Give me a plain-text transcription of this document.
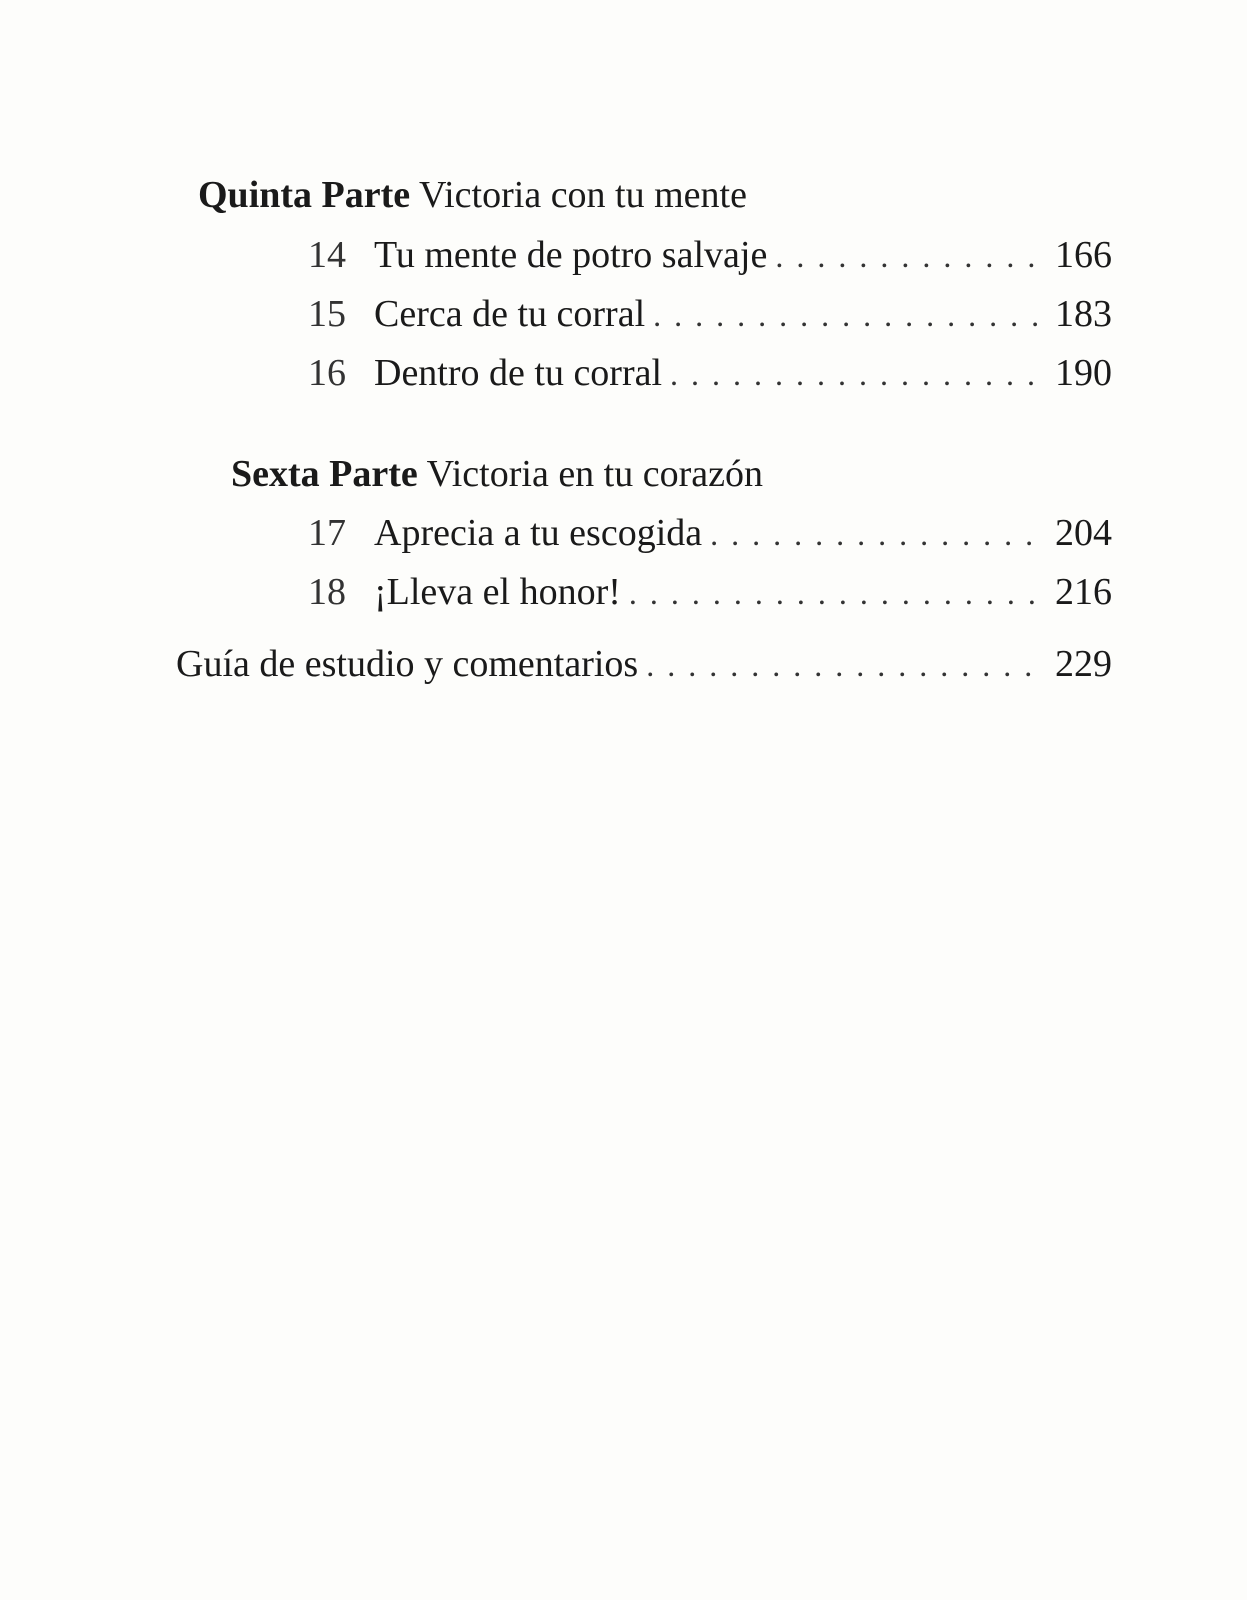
Quinta Parte Victoria con tu mente
14 Tu mente de potro salvaje . . .	166
15 Cerca de tu corral . . .	183
16 Dentro de tu corral . . .	190
Sexta Parte Victoria en tu corazón
17 Aprecia a tu escogida . . .	204
18 ¡Lleva el honor! . . .	216
Guía de estudio y comentarios . . .	229
